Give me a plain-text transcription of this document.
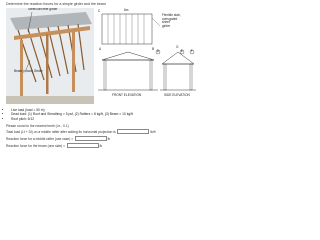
Determine the reaction forces for a simple girder and the beam
Steel/concrete girder
Beam (wood) Girder
C	6m
Flexible slab,
corrugated
sheet
girder
A	B
D	E F
G
FRONT ELEVATION	SIDE ELEVATION
• Live load (load = 50 m)
• Dead load: (1) Roof and Sheathing = 5 psf, (2) Rafters = 8 kg/ft, (3) Beam = 10 kg/ft
• Roof pitch: 5/12
Please round to the nearest tenth (i.e., 0.1)
Total load (Lt + Dl) on a middle rafter after adding its horizontal projection is	lb/ft
Reaction force for a middle rafter (use case) =	lb
Reaction force for the beam (one side) =	lb
